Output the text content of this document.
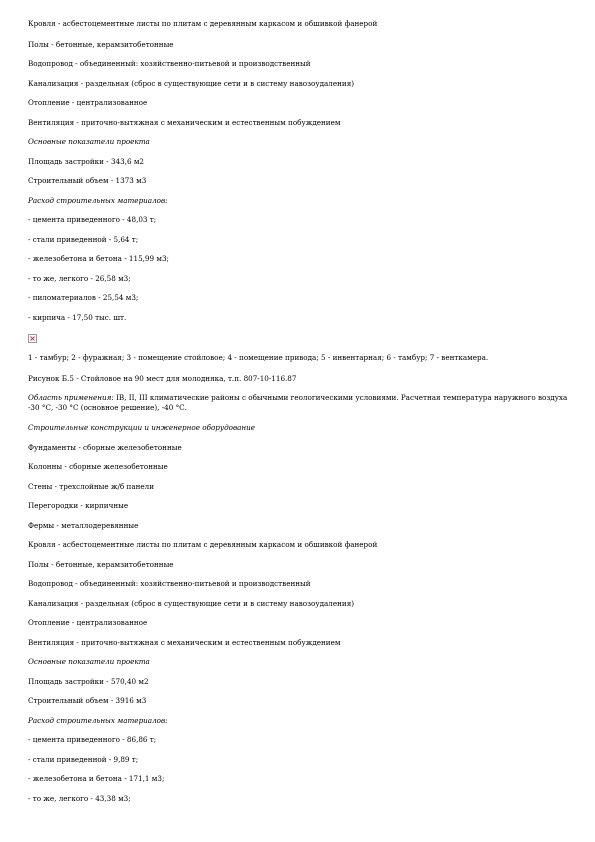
Кровля - асбестоцементные листы по плитам с деревянным каркасом и обшивкой фанерой
Полы - бетонные, керамзитобетонные
Водопровод - объединенный: хозяйственно-питьевой и производственный
Канализация - раздельная (сброс в существующие сети и в систему навозоудаления)
Отопление - централизованное
Вентиляция - приточно-вытяжная с механическим и естественным побуждением
Основные показатели проекта
Площадь застройки - 343,6 м2
Строительный объем - 1373 м3
Расход строительных материалов:
- цемента приведенного - 48,03 т;
- стали приведенной - 5,64 т;
- железобетона и бетона - 115,99 м3;
- то же, легкого - 26,58 м3;
- пиломатериалов - 25,54 м3;
- кирпича - 17,50 тыс. шт.
1 - тамбур; 2 - фуражная; 3 - помещение стойловое; 4 - помещение привода; 5 - инвентарная; 6 - тамбур; 7 - венткамера.
Рисунок Б.5 - Стойловое на 90 мест для молодняка, т.п. 807-10-116.87
Область применения: IВ, II, III климатические районы с обычными геологическими условиями. Расчетная температура наружного воздуха -30 °С, -30 °С (основное решение), -40 °С.
Строительные конструкции и инженерное оборудование
Фундаменты - сборные железобетонные
Колонны - сборные железобетонные
Стены - трехслойные ж/б панели
Перегородки - кирпичные
Фермы - металлодеревянные
Кровля - асбестоцементные листы по плитам с деревянным каркасом и обшивкой фанерой
Полы - бетонные, керамзитобетонные
Водопровод - объединенный: хозяйственно-питьевой и производственный
Канализация - раздельная (сброс в существующие сети и в систему навозоудаления)
Отопление - централизованное
Вентиляция - приточно-вытяжная с механическим и естественным побуждением
Основные показатели проекта
Площадь застройки - 570,40 м2
Строительный объем - 3916 м3
Расход строительных материалов:
- цемента приведенного - 86,86 т;
- стали приведенной - 9,89 т;
- железобетона и бетона - 171,1 м3;
- то же, легкого - 43,38 м3;
